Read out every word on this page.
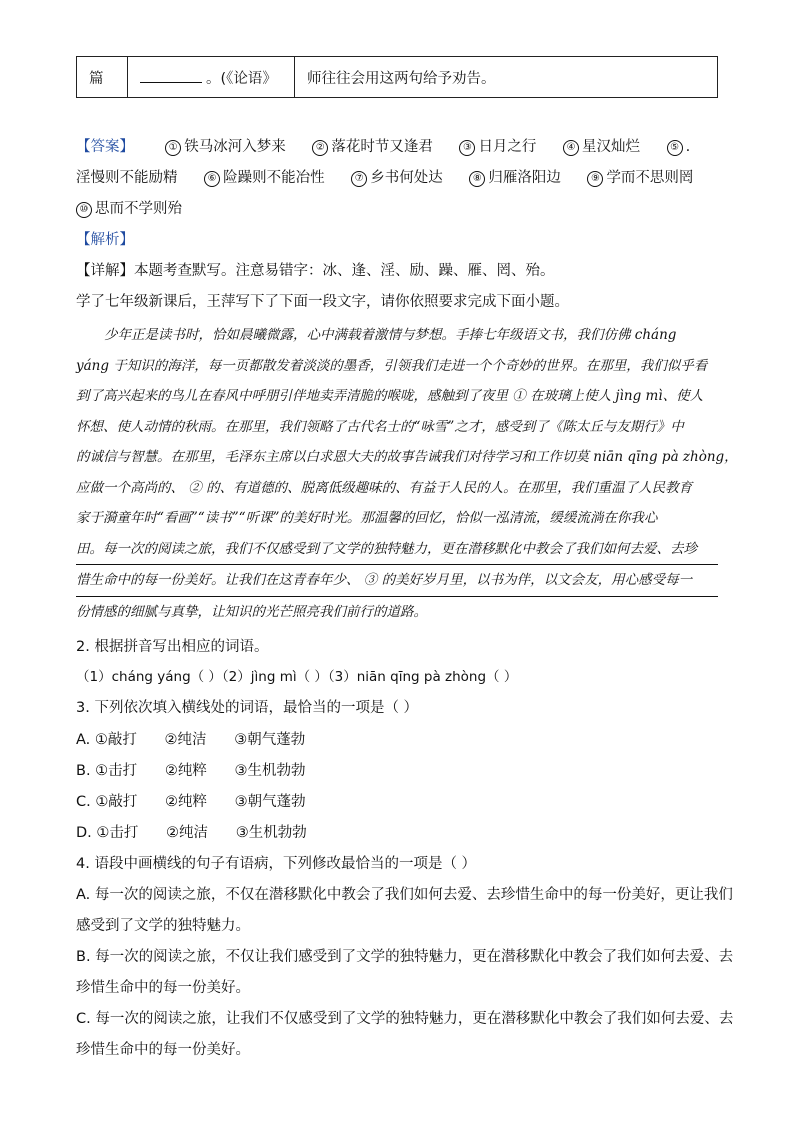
篇	。(《论语》	师往往会用这两句给予劝告。
【答案】	① 铁马冰河入梦来	② 落花时节又逢君	③ 日月之行	④ 星汉灿烂	⑤ .
淫慢则不能励精	⑥ 险躁则不能冶性	⑦ 乡书何处达	⑧ 归雁洛阳边	⑨ 学而不思则罔
⑩ 思而不学则殆
【解析】
【详解】本题考查默写。注意易错字：冰、逢、淫、励、躁、雁、罔、殆。
学了七年级新课后，王萍写下了下面一段文字，请你依照要求完成下面小题。
少年正是读书时，恰如晨曦微露，心中满载着激情与梦想。手捧七年级语文书，我们仿佛 cháng
yáng 于知识的海洋，每一页都散发着淡淡的墨香，引领我们走进一个个奇妙的世界。在那里，我们似乎看
到了高兴起来的鸟儿在春风中呼朋引伴地卖弄清脆的喉咙，感触到了夜里 ① 在玻璃上使人 jìng mì、使人
怀想、使人动情的秋雨。在那里，我们领略了古代名士的“咏雪”之才，感受到了《陈太丘与友期行》中
的诚信与智慧。在那里，毛泽东主席以白求恩大夫的故事告诫我们对待学习和工作切莫 niān qīng pà zhòng，
应做一个高尚的、 ② 的、有道德的、脱离低级趣味的、有益于人民的人。在那里，我们重温了人民教育
家于漪童年时“看画”“读书”“听课”的美好时光。那温馨的回忆，恰似一泓清流，缓缓流淌在你我心
田。每一次的阅读之旅，我们不仅感受到了文学的独特魅力，更在潜移默化中教会了我们如何去爱、去珍
惜生命中的每一份美好。让我们在这青春年少、 ③ 的美好岁月里，以书为伴，以文会友，用心感受每一
份情感的细腻与真挚，让知识的光芒照亮我们前行的道路。
2. 根据拼音写出相应的词语。
（1）cháng yáng（ ）（2）jìng mì（ ）（3）niān qīng pà zhòng（ ）
3. 下列依次填入横线处的词语，最恰当的一项是（ ）
A. ①敲打      ②纯洁      ③朝气蓬勃
B. ①击打      ②纯粹      ③生机勃勃
C. ①敲打      ②纯粹      ③朝气蓬勃
D. ①击打      ②纯洁      ③生机勃勃
4. 语段中画横线的句子有语病，下列修改最恰当的一项是（ ）
A. 每一次的阅读之旅，不仅在潜移默化中教会了我们如何去爱、去珍惜生命中的每一份美好，更让我们
感受到了文学的独特魅力。
B. 每一次的阅读之旅，不仅让我们感受到了文学的独特魅力，更在潜移默化中教会了我们如何去爱、去
珍惜生命中的每一份美好。
C. 每一次的阅读之旅，让我们不仅感受到了文学的独特魅力，更在潜移默化中教会了我们如何去爱、去
珍惜生命中的每一份美好。
